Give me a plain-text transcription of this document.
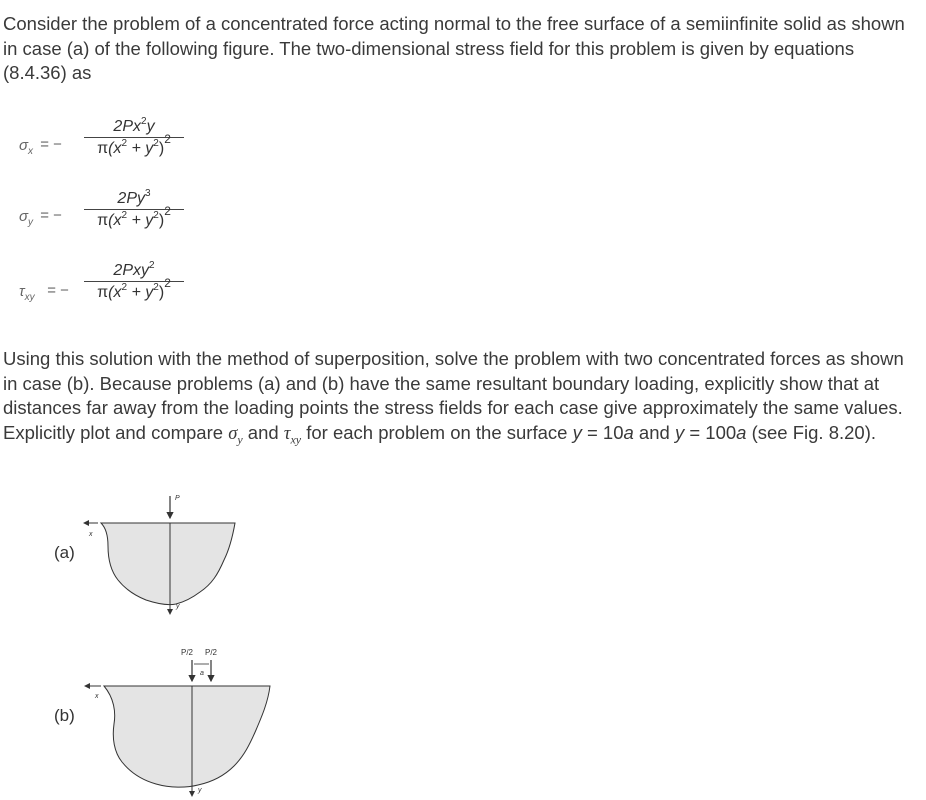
Consider the problem of a concentrated force acting normal to the free surface of a semiinfinite solid as shown in case (a) of the following figure. The two-dimensional stress field for this problem is given by equations (8.4.36) as

$\sigma_x$ = −
$2Px^2y$
$\pi(x^2 + y^2)^2$
$\sigma_y$ = −
$2Py^3$
$\pi(x^2 + y^2)^2$
$\tau_{xy}$ = −
2Pxy$^2$
$\pi(x^2 + y^2)^2$

Using this solution with the method of superposition, solve the problem with two concentrated forces as shown in case (b). Because problems (a) and (b) have the same resultant boundary loading, explicitly show that at distances far away from the loading points the stress fields for each case give approximately the same values. Explicitly plot and compare $\sigma_y$ and $\tau_{xy}$ for each problem on the surface y = 10a and y = 100a (see Fig. 8.20).

(a)
(b)
x
y
P
P/2 P/2
a
x
y
